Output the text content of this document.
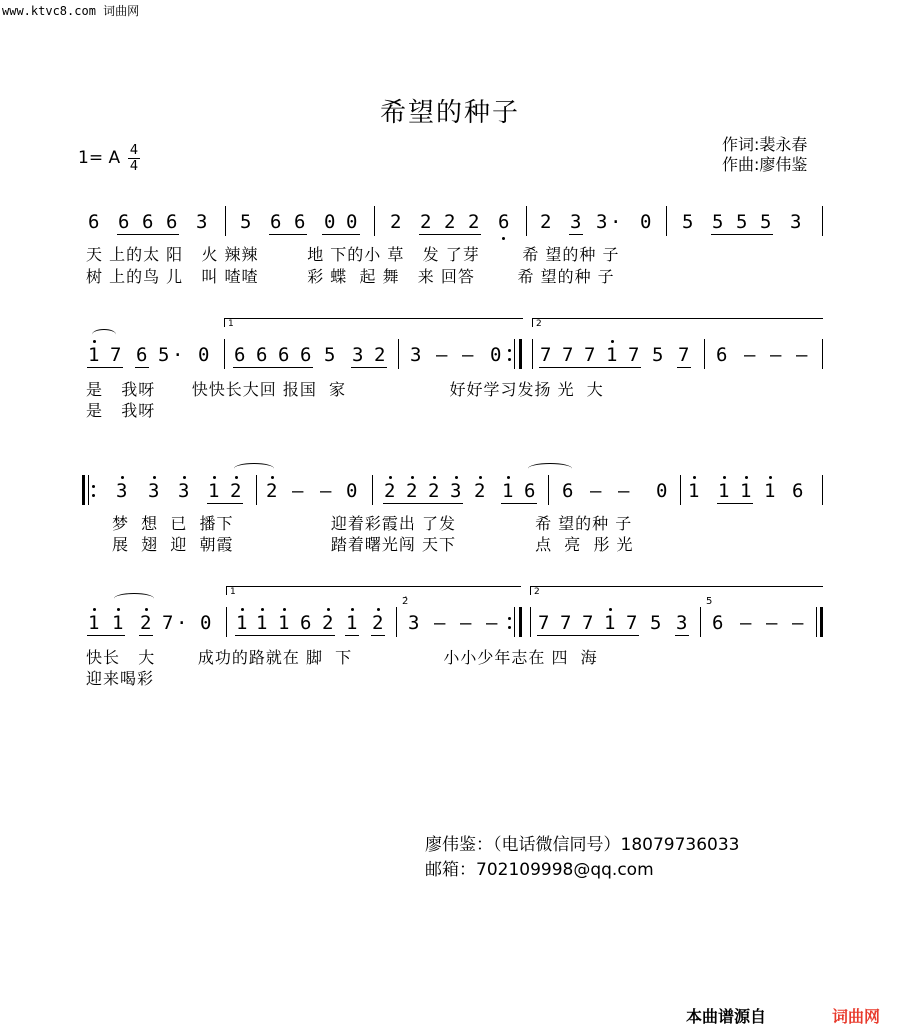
www.ktvc8.com 词曲网
希望的种子
1= A 4
4
作词:裴永春
作曲:廖伟鉴
6 6 6 6 3 5 6 6 0 0 2 2 2 2 6 2 3 3 · 0 5 5 5 5 3
天 上的太 阳   火 辣辣        地 下的小 草   发 了芽       希 望的种 子
树 上的鸟 儿   叫 喳喳        彩 蝶  起 舞   来 回答       希 望的种 子
1	2
1 7 6 5 · 0 6 6 6 6 5 3 2 3 – – 0 7 7 7 1 7 5 7 6 – – –
是   我呀      快快长大回 报国  家                 好好学习发扬 光  大
是   我呀
3 3 3 1 2 2 – – 0 2 2 2 3 2 1 6 6 – – 0 1 1 1 1 6
梦  想  已  播下                迎着彩霞出 了发             希 望的种 子
展  翅  迎  朝霞                踏着曙光闯 天下             点  亮  彤 光
1	2
1 1 2 7 · 0 1 1 1 6 2 1 2
2̇
3 – – – 7 7 7 1 7 5 3
5
6 – – –
快长   大       成功的路就在 脚  下               小小少年志在 四  海
迎来喝彩
廖伟鉴：（电话微信同号）18079736033
邮箱：702109998@qq.com
本曲谱源自	词曲网
